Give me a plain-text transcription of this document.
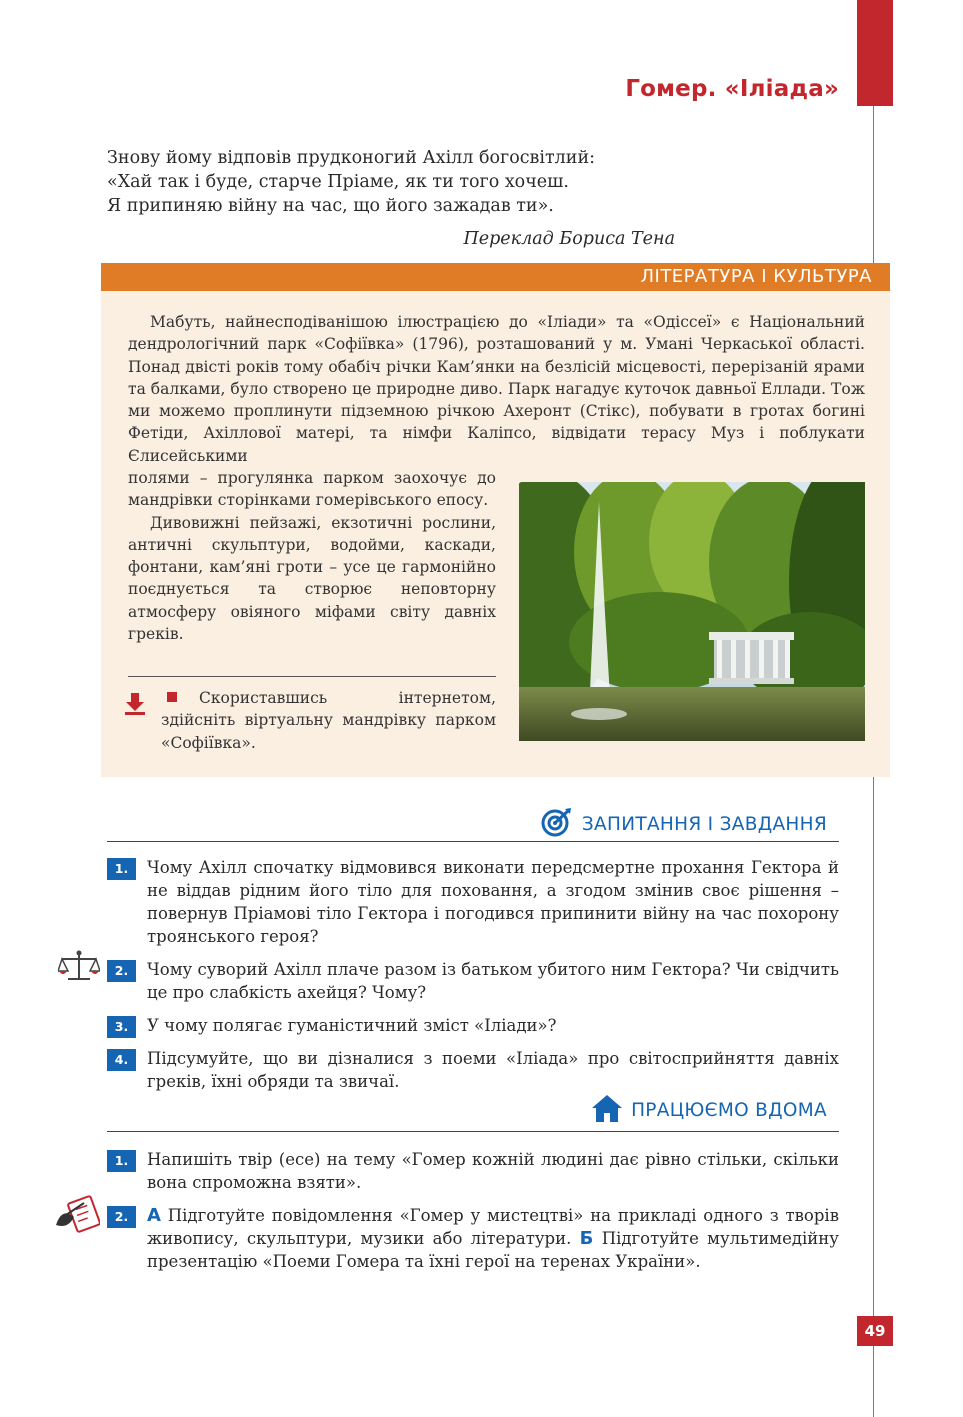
Гомер. «Іліада»
Знову йому відповів прудконогий Ахілл богосвітлий:
«Хай так і буде, старче Пріаме, як ти того хочеш.
Я припиняю війну на час, що його зажадав ти».
Переклад Бориса Тена
ЛІТЕРАТУРА І КУЛЬТУРА

Мабуть, найнесподіванішою ілюстрацією до «Іліади» та «Одіссеї» є Національний дендрологічний парк «Софіївка» (1796), розташований у м. Умані Черкаської області. Понад двісті років тому обабіч річки Кам’янки на безлісій місцевості, перерізаній ярами та балками, було створено це природне диво. Парк нагадує куточок давньої Еллади. Тож ми можемо проплинути підземною річкою Ахеронт (Стікс), побувати в гротах богині Фетіди, Ахіллової матері, та німфи Каліпсо, відвідати терасу Муз і поблукати Єлисейськими

полями – прогулянка парком заохочує до мандрівки сторінками гомерівського епосу.

Дивовижні пейзажі, екзотичні рослини, античні скульптури, водойми, каскади, фонтани, кам’яні гроти – усе це гармонійно поєднується та створює неповторну атмосферу овіяного міфами світу давніх греків.

Скориставшись інтернетом, здійсніть віртуальну мандрівку парком «Софіївка».

ЗАПИТАННЯ І ЗАВДАННЯ
1.	Чому Ахілл спочатку відмовився виконати передсмертне прохання Гектора й не віддав рідним його тіло для поховання, а згодом змінив своє рішення – повернув Пріамові тіло Гектора і погодився припинити війну на час похорону троянського героя?
2.	Чому суворий Ахілл плаче разом із батьком убитого ним Гектора? Чи свідчить це про слабкість ахейця? Чому?
3.	У чому полягає гуманістичний зміст «Іліади»?
4.	Підсумуйте, що ви дізналися з поеми «Іліада» про світосприйняття давніх греків, їхні обряди та звичаї.
ПРАЦЮЄМО ВДОМА
1.	Напишіть твір (есе) на тему «Гомер кожній людині дає рівно стільки, скільки вона спроможна взяти».
2.	А Підготуйте повідомлення «Гомер у мистецтві» на прикладі одного з творів живопису, скульптури, музики або літератури. Б Підготуйте мультимедійну презентацію «Поеми Гомера та їхні герої на теренах України».
49
